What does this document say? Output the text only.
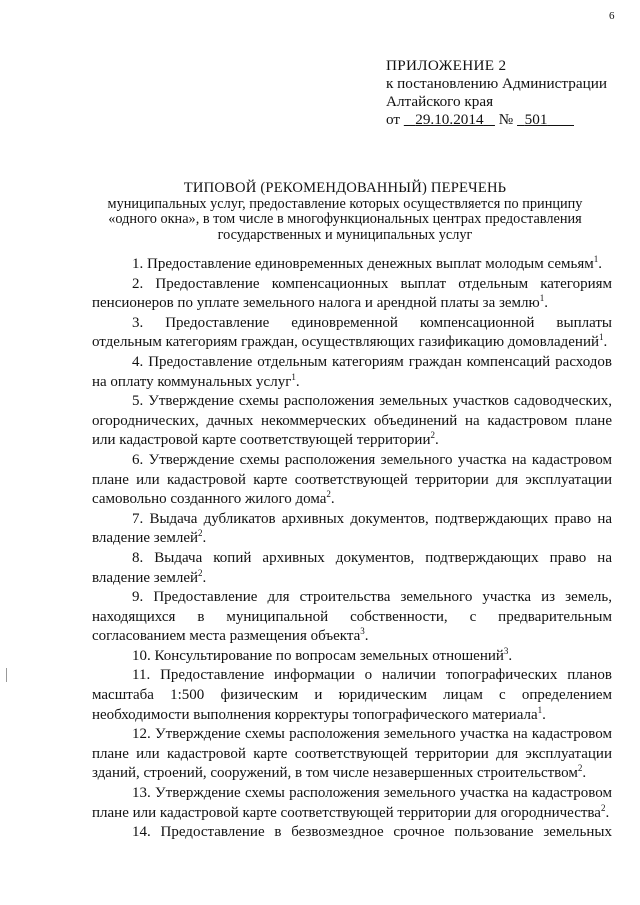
6
ПРИЛОЖЕНИЕ 2
к постановлению Администрации
Алтайского края
от 29.10.2014 № 501
ТИПОВОЙ (РЕКОМЕНДОВАННЫЙ) ПЕРЕЧЕНЬ
муниципальных услуг, предоставление которых осуществляется по принципу
«одного окна», в том числе в многофункциональных центрах предоставления
государственных и муниципальных услуг

1. Предоставление единовременных денежных выплат молодым семьям$^1$.

2. Предоставление компенсационных выплат отдельным категориям пенсионеров по уплате земельного налога и арендной платы за землю$^1$.

3. Предоставление единовременной компенсационной выплаты отдельным категориям граждан, осуществляющих газификацию домовладений$^1$.

4. Предоставление отдельным категориям граждан компенсаций расходов на оплату коммунальных услуг$^1$.

5. Утверждение схемы расположения земельных участков садоводческих, огороднических, дачных некоммерческих объединений на кадастровом плане или кадастровой карте соответствующей территории$^2$.

6. Утверждение схемы расположения земельного участка на кадастровом плане или кадастровой карте соответствующей территории для эксплуатации самовольно созданного жилого дома$^2$.

7. Выдача дубликатов архивных документов, подтверждающих право на владение землей$^2$.

8. Выдача копий архивных документов, подтверждающих право на владение землей$^2$.

9. Предоставление для строительства земельного участка из земель, находящихся в муниципальной собственности, с предварительным согласованием места размещения объекта$^3$.

10. Консультирование по вопросам земельных отношений$^3$.

11. Предоставление информации о наличии топографических планов масштаба 1:500 физическим и юридическим лицам с определением необходимости выполнения корректуры топографического материала$^1$.

12. Утверждение схемы расположения земельного участка на кадастровом плане или кадастровой карте соответствующей территории для эксплуатации зданий, строений, сооружений, в том числе незавершенных строительством$^2$.

13. Утверждение схемы расположения земельного участка на кадастровом плане или кадастровой карте соответствующей территории для огородничества$^2$.

14. Предоставление в безвозмездное срочное пользование земельных
